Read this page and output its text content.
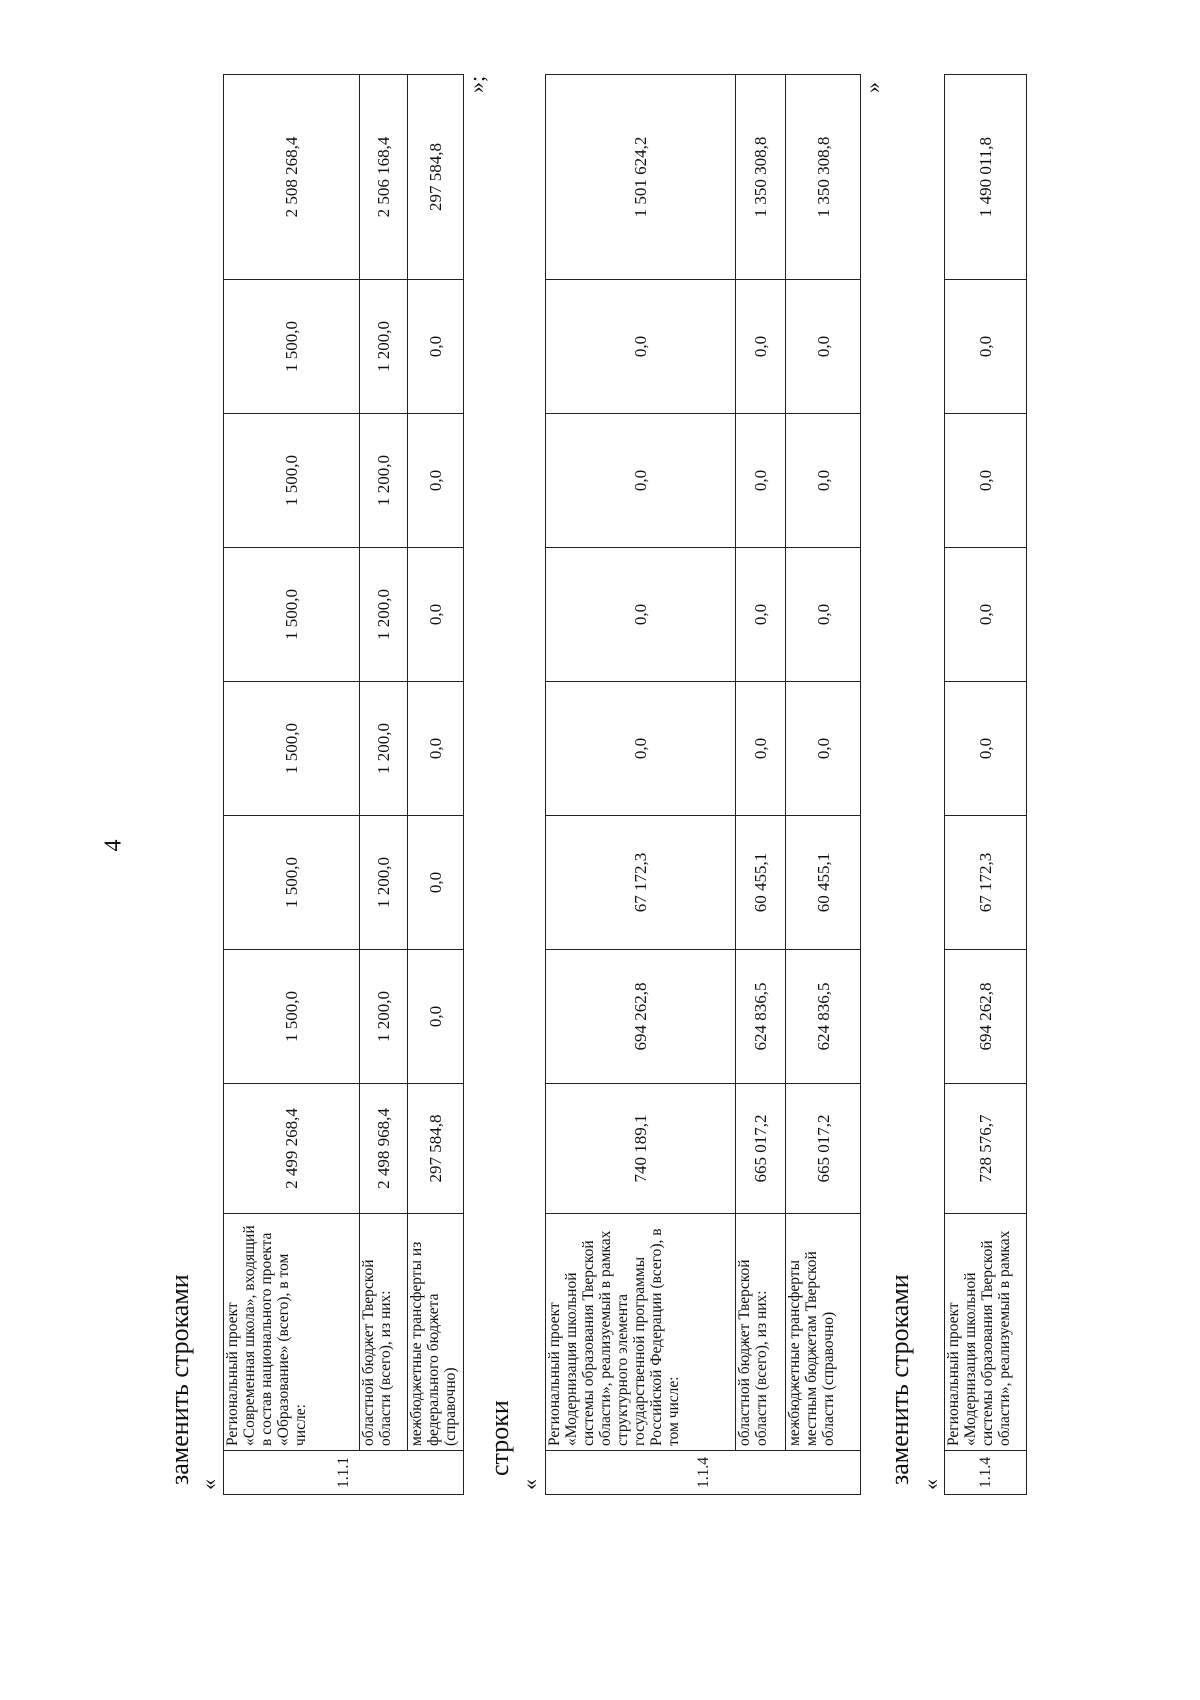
4
заменить строками «	1.1.1	Региональный проект «Современная школа», входящий в состав национального проекта «Образование» (всего), в том числе:	2 499 268,4	1 500,0	1 500,0	1 500,0	1 500,0	1 500,0	1 500,0	2 508 268,4
	областной бюджет Тверской области (всего), из них:	2 498 968,4	1 200,0	1 200,0	1 200,0	1 200,0	1 200,0	1 200,0	2 506 168,4
	межбюджетные трансферты из федерального бюджета (справочно)	297 584,8	0,0	0,0	0,0	0,0	0,0	0,0	297 584,8
»;
строки
«	1.1.4	Региональный проект «Модернизация школьной системы образования Тверской области», реализуемый в рамках структурного элемента государственной программы Российской Федерации (всего), в том числе:	740 189,1	694 262,8	67 172,3	0,0	0,0	0,0	0,0	1 501 624,2
	областной бюджет Тверской области (всего), из них:	665 017,2	624 836,5	60 455,1	0,0	0,0	0,0	0,0	1 350 308,8
	межбюджетные трансферты местным бюджетам Тверской области (справочно)	665 017,2	624 836,5	60 455,1	0,0	0,0	0,0	0,0	1 350 308,8
»
заменить строками « 1.1.4	Региональный проект «Модернизация школьной системы образования Тверской области», реализуемый в рамках	728 576,7	694 262,8	67 172,3	0,0	0,0	0,0	0,0	1 490 011,8
